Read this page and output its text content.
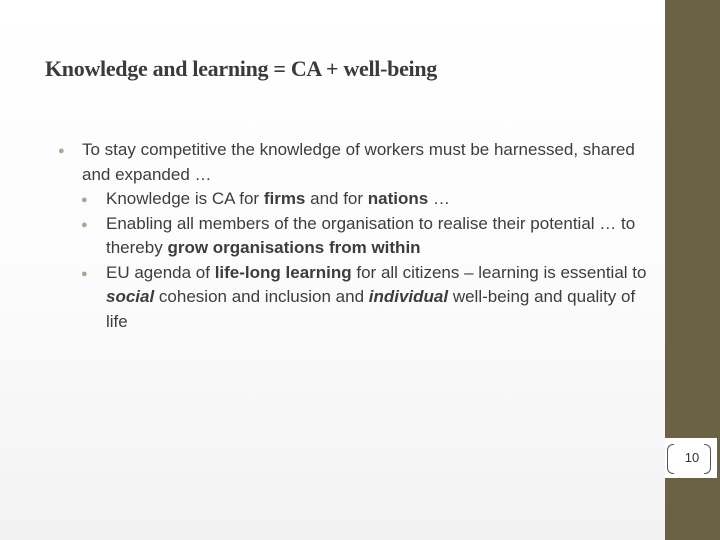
Knowledge and learning = CA + well-being
● To stay competitive the knowledge of workers must be harnessed, shared and expanded …
● Knowledge is CA for firms and for nations …
● Enabling all members of the organisation to realise their potential … to thereby grow organisations from within
● EU agenda of life-long learning for all citizens – learning is essential to social cohesion and inclusion and individual well-being and quality of life
10
